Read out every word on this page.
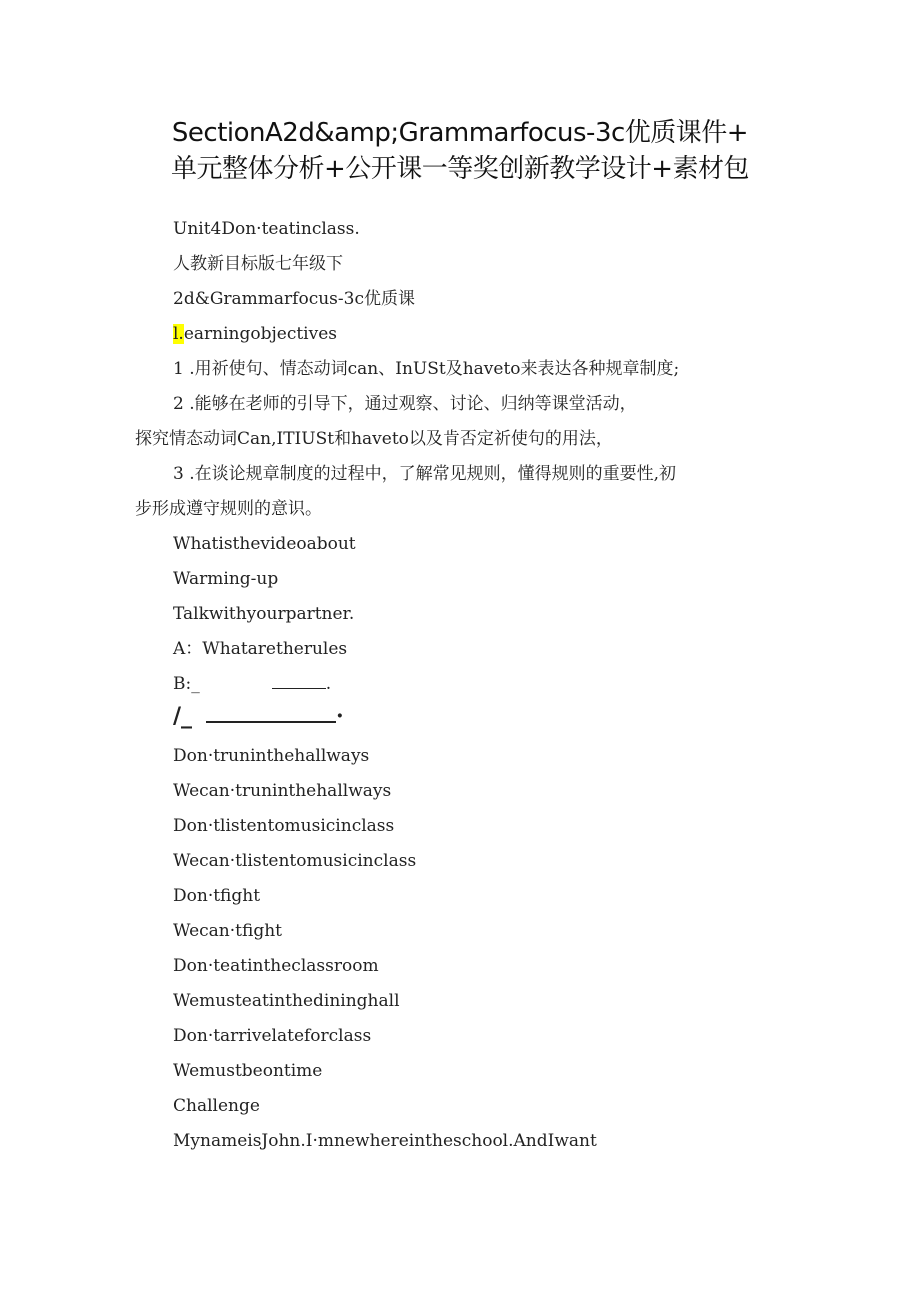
SectionA2d&amp;Grammarfocus-3c优质课件+
单元整体分析+公开课一等奖创新教学设计+素材包
Unit4Don·teatinclass.
人教新目标版七年级下
2d&Grammarfocus-3c优质课
l.earningobjectives
1 .用祈使句、情态动词can、InUSt及haveto来表达各种规章制度;
2 .能够在老师的引导下，通过观察、讨论、归纳等课堂活动，
探究情态动词Can,ITIUSt和haveto以及肯否定祈使句的用法，
3 .在谈论规章制度的过程中，了解常见规则，懂得规则的重要性,初
步形成遵守规则的意识。
Whatisthevideoabout
Warming-up
Talkwithyourpartner.
A：Whataretherules
B:_	.
/_	·
Don·truninthehallways
Wecan·truninthehallways
Don·tlistentomusicinclass
Wecan·tlistentomusicinclass
Don·tfight
Wecan·tfight
Don·teatintheclassroom
Wemusteatinthedininghall
Don·tarrivelateforclass
Wemustbeontime
Challenge
MynameisJohn.I·mnewhereintheschool.AndIwant
